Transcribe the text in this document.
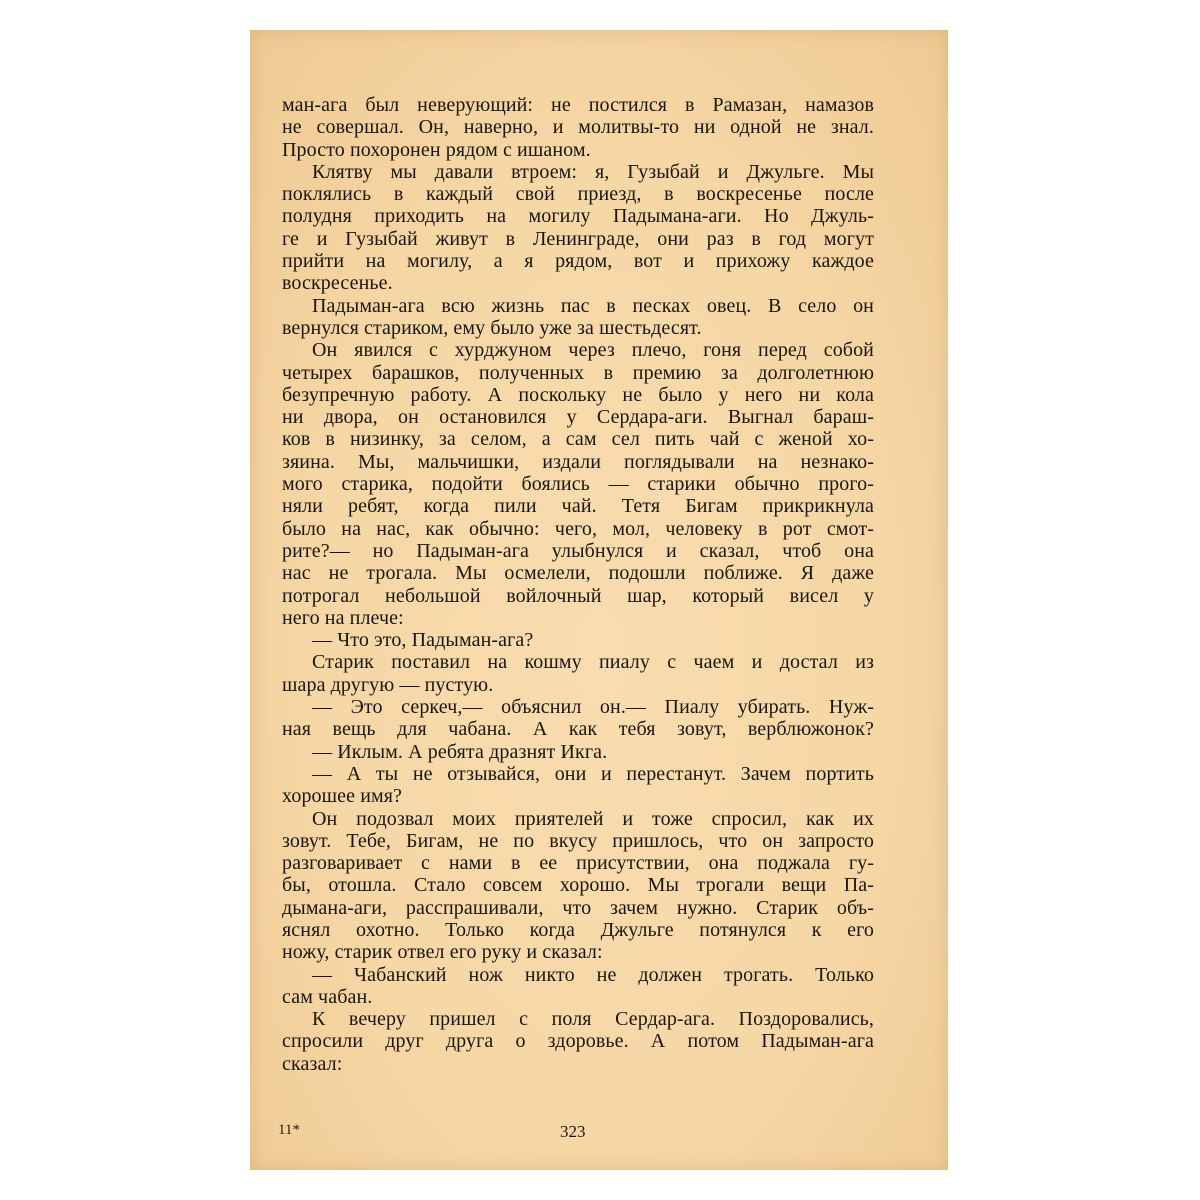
ман-ага был неверующий: не постился в Рамазан, намазов
не совершал. Он, наверно, и молитвы-то ни одной не знал.
Просто похоронен рядом с ишаном.
Клятву мы давали втроем: я, Гузыбай и Джульге. Мы
поклялись в каждый свой приезд, в воскресенье после
полудня приходить на могилу Падымана-аги. Но Джуль-
ге и Гузыбай живут в Ленинграде, они раз в год могут
прийти на могилу, а я рядом, вот и прихожу каждое
воскресенье.
Падыман-ага всю жизнь пас в песках овец. В село он
вернулся стариком, ему было уже за шестьдесят.
Он явился с хурджуном через плечо, гоня перед собой
четырех барашков, полученных в премию за долголетнюю
безупречную работу. А поскольку не было у него ни кола
ни двора, он остановился у Сердара-аги. Выгнал бараш-
ков в низинку, за селом, а сам сел пить чай с женой хо-
зяина. Мы, мальчишки, издали поглядывали на незнако-
мого старика, подойти боялись — старики обычно прого-
няли ребят, когда пили чай. Тетя Бигам прикрикнула
было на нас, как обычно: чего, мол, человеку в рот смот-
рите?— но Падыман-ага улыбнулся и сказал, чтоб она
нас не трогала. Мы осмелели, подошли поближе. Я даже
потрогал небольшой войлочный шар, который висел у
него на плече:
— Что это, Падыман-ага?
Старик поставил на кошму пиалу с чаем и достал из
шара другую — пустую.
— Это серкеч,— объяснил он.— Пиалу убирать. Нуж-
ная вещь для чабана. А как тебя зовут, верблюжонок?
— Иклым. А ребята дразнят Икга.
— А ты не отзывайся, они и перестанут. Зачем портить
хорошее имя?
Он подозвал моих приятелей и тоже спросил, как их
зовут. Тебе, Бигам, не по вкусу пришлось, что он запросто
разговаривает с нами в ее присутствии, она поджала гу-
бы, отошла. Стало совсем хорошо. Мы трогали вещи Па-
дымана-аги, расспрашивали, что зачем нужно. Старик объ-
яснял охотно. Только когда Джульге потянулся к его
ножу, старик отвел его руку и сказал:
— Чабанский нож никто не должен трогать. Только
сам чабан.
К вечеру пришел с поля Сердар-ага. Поздоровались,
спросили друг друга о здоровье. А потом Падыман-ага
сказал:
11*	323
